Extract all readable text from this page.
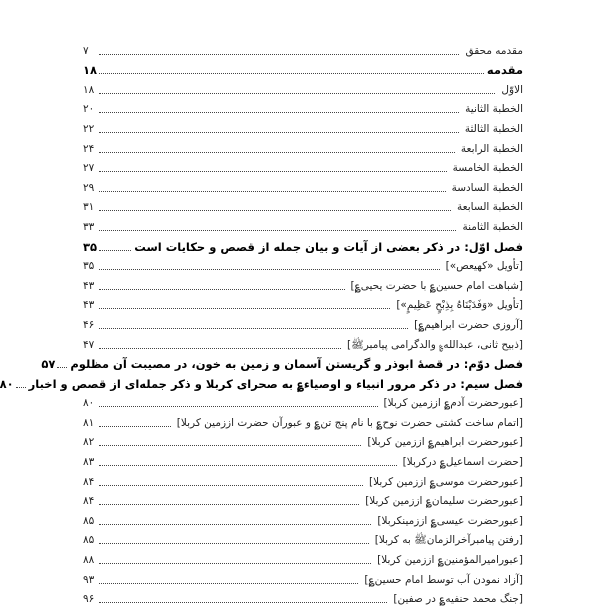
مقدمه محقق
۷
مقدمه
۱۸
الاوّل
۱۸
الخطبة الثانية
۲۰
الخطبة الثالثة
۲۲
الخطبة الرابعة
۲۴
الخطبة الخامسة
۲۷
الخطبة السادسة
۲۹
الخطبة السابعة
۳۱
الخطبة الثامنة
۳۳
فصل اوّل: در ذکر بعضی از آیات و بیان جمله از قصص و حکایات است
۳۵
[تأویل «کهیعص»]
۳۵
[شباهت امام حسین؏ با حضرت یحیی؏]
۴۳
[تأویل «وَفَدَيْنَاهُ بِذِبْحٍ عَظِيمٍ»]
۴۳
[آروزی حضرت ابراهیم؏]
۴۶
[ذبیح ثانی، عبدالله؏ والدگرامی پیامبرﷺ]
۴۷
فصل دوّم: در قصۀ ابوذر و گریستن آسمان و زمین به خون، در مصیبت آن مظلوم
۵۷
فصل سیم: در ذکر مرور انبیاء و اوصیاء؏ به صحرای کربلا و ذکر جمله‌ای از قصص و اخبار
۸۰
[عبورحضرت آدم؏ اززمین کربلا]
۸۰
[اتمام ساخت کشتی حضرت نوح؏ با نام پنج تن؏ و عبورآن حضرت اززمین کربلا]
۸۱
[عبورحضرت ابراهیم؏ اززمین کربلا]
۸۲
[حضرت اسماعیل؏ درکربلا]
۸۳
[عبورحضرت موسی؏ اززمین کربلا]
۸۴
[عبورحضرت سلیمان؏ اززمین کربلا]
۸۴
[عبورحضرت عیسی؏ اززمینکربلا]
۸۵
[رفتن پیامبرآخرالزمانﷺ به کربلا]
۸۵
[عبورامیرالمؤمنین؏ اززمین کربلا]
۸۸
[آزاد نمودن آب توسط امام حسین؏]
۹۳
[جنگ محمد حنفیه؏ در صفین]
۹۶
